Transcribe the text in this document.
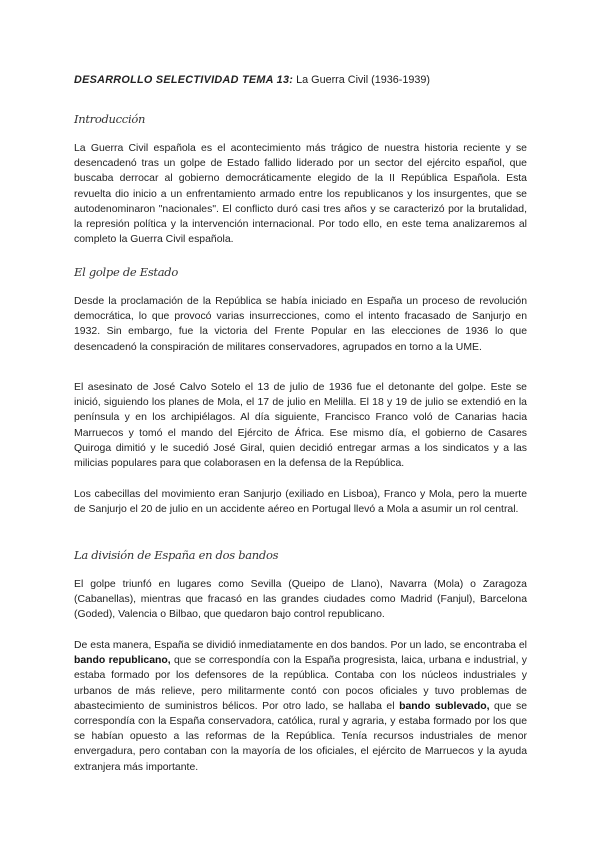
DESARROLLO SELECTIVIDAD TEMA 13: La Guerra Civil (1936-1939)
Introducción

La Guerra Civil española es el acontecimiento más trágico de nuestra historia reciente y se desencadenó tras un golpe de Estado fallido liderado por un sector del ejército español, que buscaba derrocar al gobierno democráticamente elegido de la II República Española. Esta revuelta dio inicio a un enfrentamiento armado entre los republicanos y los insurgentes, que se autodenominaron "nacionales". El conflicto duró casi tres años y se caracterizó por la brutalidad, la represión política y la intervención internacional. Por todo ello, en este tema analizaremos al completo la Guerra Civil española.

El golpe de Estado

Desde la proclamación de la República se había iniciado en España un proceso de revolución democrática, lo que provocó varias insurrecciones, como el intento fracasado de Sanjurjo en 1932. Sin embargo, fue la victoria del Frente Popular en las elecciones de 1936 lo que desencadenó la conspiración de militares conservadores, agrupados en torno a la UME.

El asesinato de José Calvo Sotelo el 13 de julio de 1936 fue el detonante del golpe. Este se inició, siguiendo los planes de Mola, el 17 de julio en Melilla. El 18 y 19 de julio se extendió en la península y en los archipiélagos. Al día siguiente, Francisco Franco voló de Canarias hacia Marruecos y tomó el mando del Ejército de África. Ese mismo día, el gobierno de Casares Quiroga dimitió y le sucedió José Giral, quien decidió entregar armas a los sindicatos y a las milicias populares para que colaborasen en la defensa de la República.

Los cabecillas del movimiento eran Sanjurjo (exiliado en Lisboa), Franco y Mola, pero la muerte de Sanjurjo el 20 de julio en un accidente aéreo en Portugal llevó a Mola a asumir un rol central.

La división de España en dos bandos

El golpe triunfó en lugares como Sevilla (Queipo de Llano), Navarra (Mola) o Zaragoza (Cabanellas), mientras que fracasó en las grandes ciudades como Madrid (Fanjul), Barcelona (Goded), Valencia o Bilbao, que quedaron bajo control republicano.

De esta manera, España se dividió inmediatamente en dos bandos. Por un lado, se encontraba el bando republicano, que se correspondía con la España progresista, laica, urbana e industrial, y estaba formado por los defensores de la república. Contaba con los núcleos industriales y urbanos de más relieve, pero militarmente contó con pocos oficiales y tuvo problemas de abastecimiento de suministros bélicos. Por otro lado, se hallaba el bando sublevado, que se correspondía con la España conservadora, católica, rural y agraria, y estaba formado por los que se habían opuesto a las reformas de la República. Tenía recursos industriales de menor envergadura, pero contaban con la mayoría de los oficiales, el ejército de Marruecos y la ayuda extranjera más importante.
